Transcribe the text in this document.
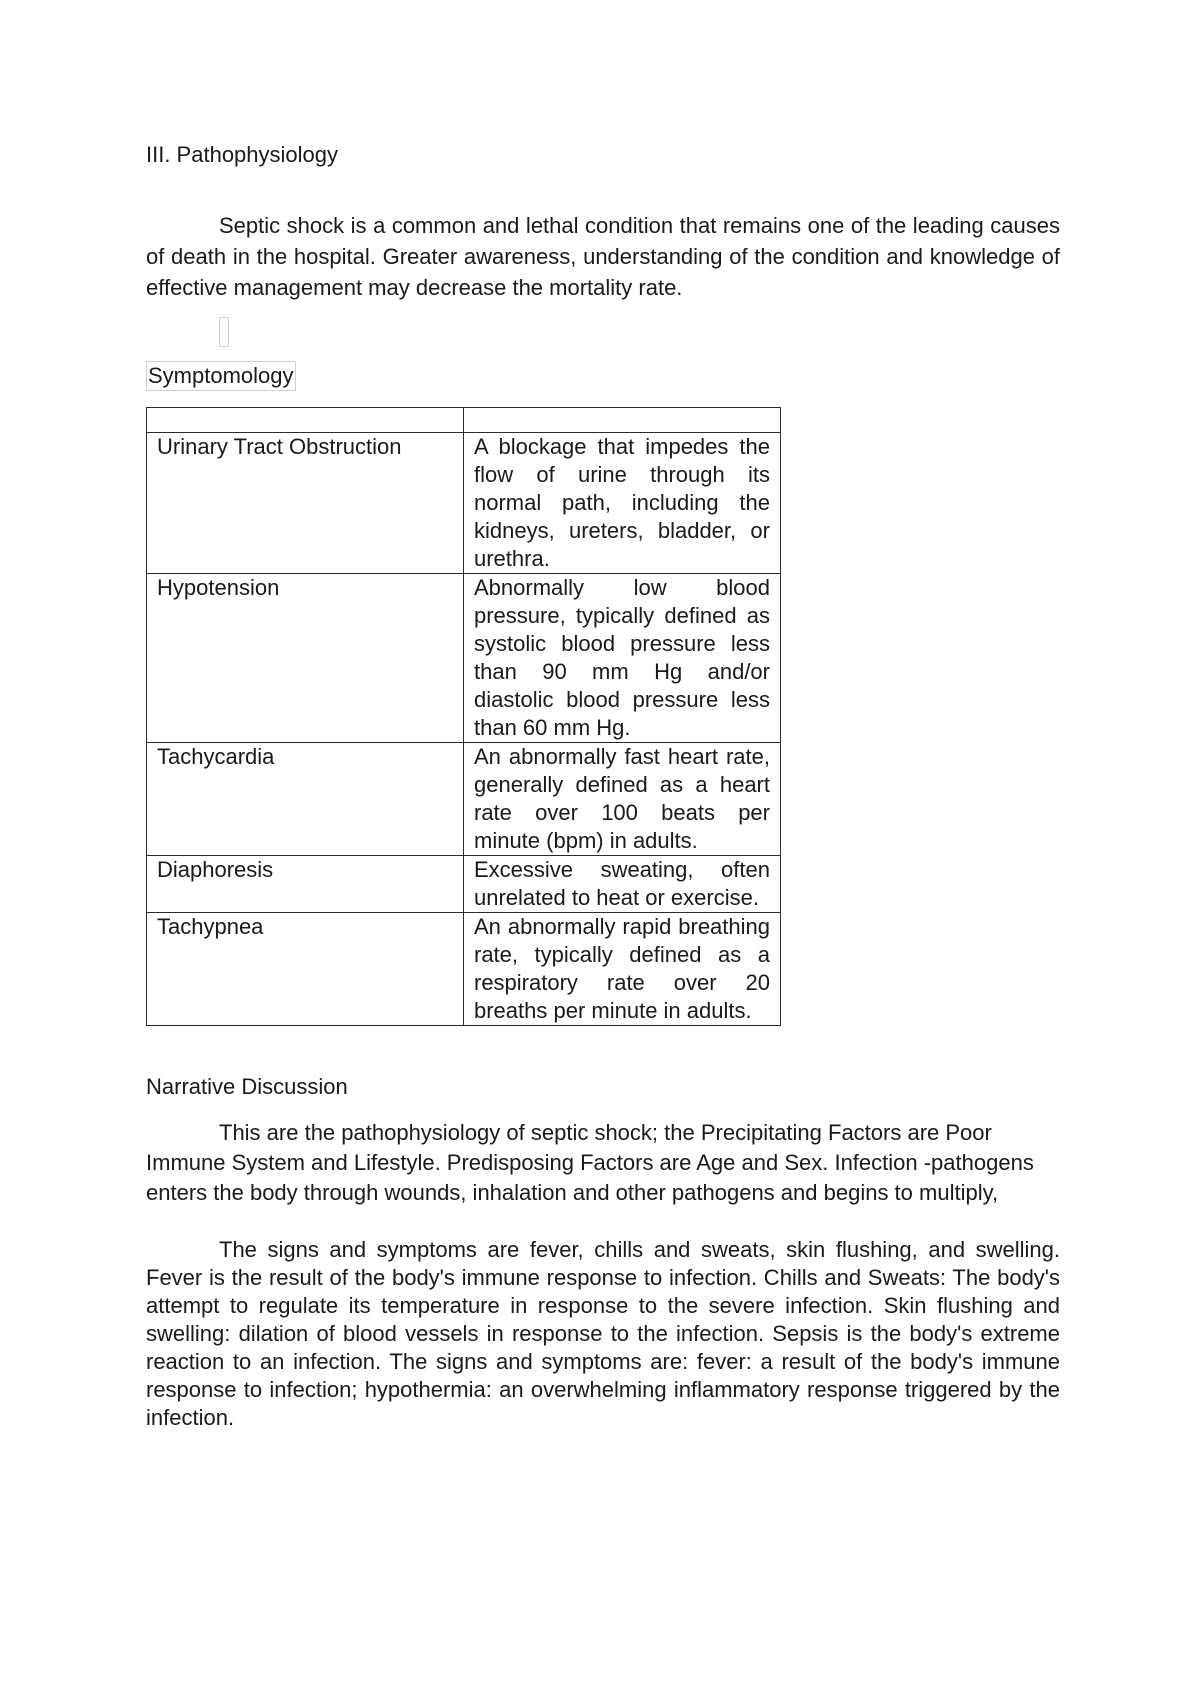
III. Pathophysiology

Septic shock is a common and lethal condition that remains one of the leading causes of death in the hospital. Greater awareness, understanding of the condition and knowledge of effective management may decrease the mortality rate.

Symptomology

Urinary Tract Obstruction	A blockage that impedes the flow of urine through its normal path, including the kidneys, ureters, bladder, or urethra.
Hypotension	Abnormally low blood pressure, typically defined as systolic blood pressure less than 90 mm Hg and/or diastolic blood pressure less than 60 mm Hg.
Tachycardia	An abnormally fast heart rate, generally defined as a heart rate over 100 beats per minute (bpm) in adults.
Diaphoresis	Excessive sweating, often unrelated to heat or exercise.
Tachypnea	An abnormally rapid breathing rate, typically defined as a respiratory rate over 20 breaths per minute in adults.
Narrative Discussion

This are the pathophysiology of septic shock; the Precipitating Factors are Poor Immune System and Lifestyle. Predisposing Factors are Age and Sex. Infection -pathogens enters the body through wounds, inhalation and other pathogens and begins to multiply,

The signs and symptoms are fever, chills and sweats, skin flushing, and swelling. Fever is the result of the body's immune response to infection. Chills and Sweats: The body's attempt to regulate its temperature in response to the severe infection. Skin flushing and swelling: dilation of blood vessels in response to the infection. Sepsis is the body's extreme reaction to an infection. The signs and symptoms are: fever: a result of the body's immune response to infection; hypothermia: an overwhelming inflammatory response triggered by the infection.
